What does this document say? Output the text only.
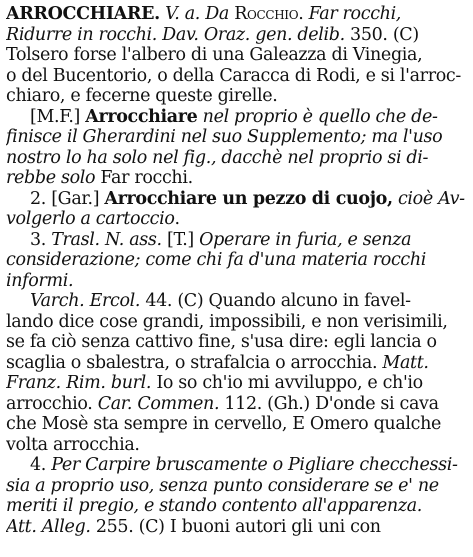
ARROCCHIARE. V. a. Da Rocchio. Far rocchi,
Ridurre in rocchi. Dav. Oraz. gen. delib. 350. (C)
Tolsero forse l'albero di una Galeazza di Vinegia,
o del Bucentorio, o della Caracca di Rodi, e si l'arroc-
chiaro, e fecerne queste girelle.
[M.F.] Arrocchiare nel proprio è quello che de-
finisce il Gherardini nel suo Supplemento; ma l'uso
nostro lo ha solo nel fig., dacchè nel proprio si di-
rebbe solo Far rocchi.
2. [Gar.] Arrocchiare un pezzo di cuojo, cioè Av-
volgerlo a cartoccio.
3. Trasl. N. ass. [T.] Operare in furia, e senza
considerazione; come chi fa d'una materia rocchi
informi.
Varch. Ercol. 44. (C) Quando alcuno in favel-
lando dice cose grandi, impossibili, e non verisimili,
se fa ciò senza cattivo fine, s'usa dire: egli lancia o
scaglia o sbalestra, o strafalcia o arrocchia. Matt.
Franz. Rim. burl. Io so ch'io mi avviluppo, e ch'io
arrocchio. Car. Commen. 112. (Gh.) D'onde si cava
che Mosè sta sempre in cervello, E Omero qualche
volta arrocchia.
4. Per Carpire bruscamente o Pigliare checchessi-
sia a proprio uso, senza punto considerare se e' ne
meriti il pregio, e stando contento all'apparenza.
Att. Alleg. 255. (C) I buoni autori gli uni con
